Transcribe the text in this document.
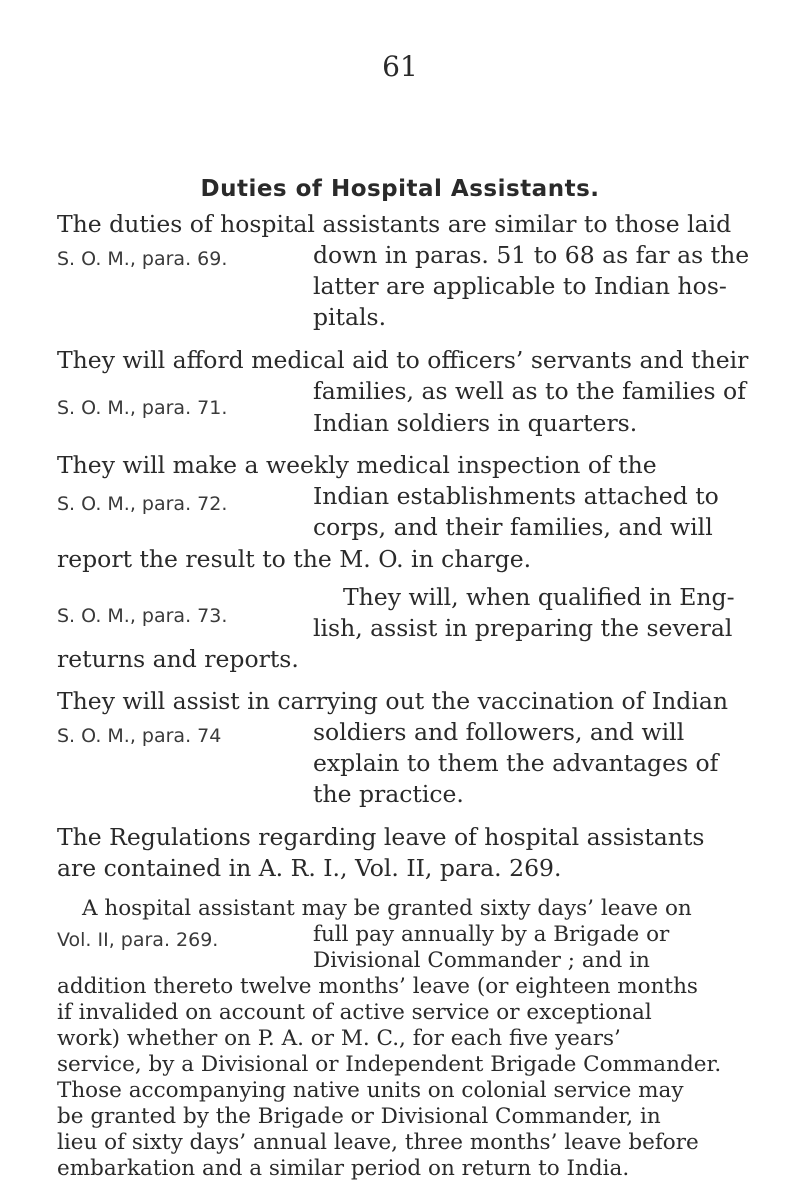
61
Duties of Hospital Assistants.
S. O. M., para. 69.
The duties of hospital assistants are similar to those laid
down in paras. 51 to 68 as far as the
latter are applicable to Indian hos-
pitals.
S. O. M., para. 71.
They will afford medical aid to officers’ servants and their
families, as well as to the families of
Indian soldiers in quarters.
S. O. M., para. 72.
They will make a weekly medical inspection of the
Indian establishments attached to
corps, and their families, and will
report the result to the M. O. in charge.
S. O. M., para. 73.
They will, when qualified in Eng-
lish, assist in preparing the several
returns and reports.
S. O. M., para. 74
They will assist in carrying out the vaccination of Indian
soldiers and followers, and will
explain to them the advantages of
the practice.
The Regulations regarding leave of hospital assistants
are contained in A. R. I., Vol. II, para. 269.
Vol. II, para. 269.
A hospital assistant may be granted sixty days’ leave on
full pay annually by a Brigade or
Divisional Commander ; and in
addition thereto twelve months’ leave (or eighteen months
if invalided on account of active service or exceptional
work) whether on P. A. or M. C., for each five years’
service, by a Divisional or Independent Brigade Commander.
Those accompanying native units on colonial service may
be granted by the Brigade or Divisional Commander, in
lieu of sixty days’ annual leave, three months’ leave before
embarkation and a similar period on return to India.
